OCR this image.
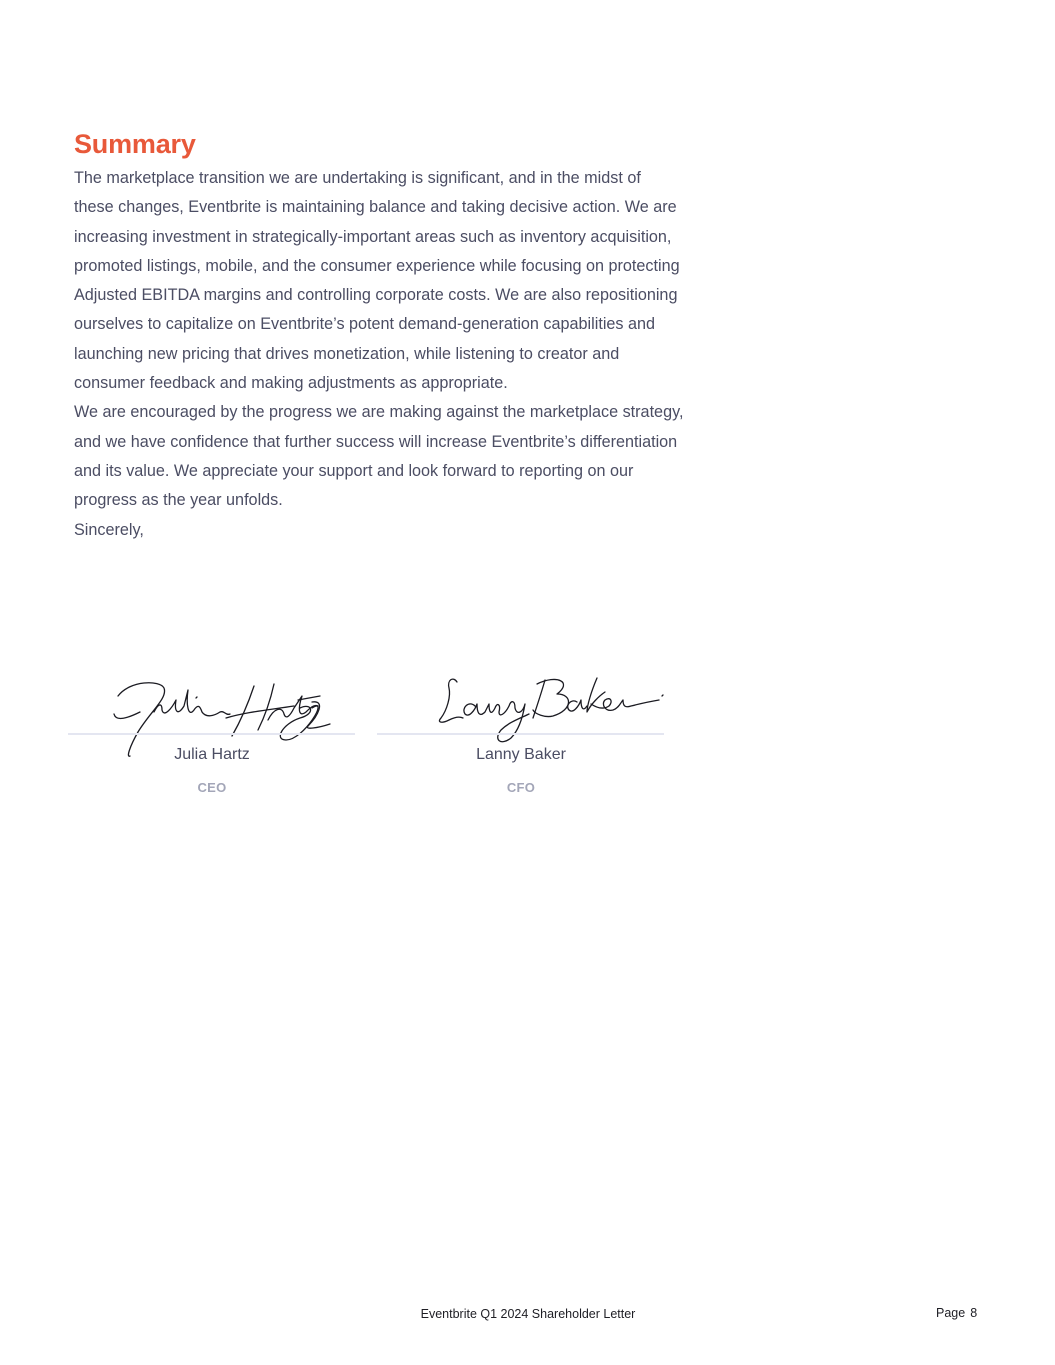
Summary

The marketplace transition we are undertaking is significant, and in the midst of these changes, Eventbrite is maintaining balance and taking decisive action. We are increasing investment in strategically-important areas such as inventory acquisition, promoted listings, mobile, and the consumer experience while focusing on protecting Adjusted EBITDA margins and controlling corporate costs. We are also repositioning ourselves to capitalize on Eventbrite’s potent demand-generation capabilities and launching new pricing that drives monetization, while listening to creator and consumer feedback and making adjustments as appropriate.

We are encouraged by the progress we are making against the marketplace strategy, and we have confidence that further success will increase Eventbrite’s differentiation and its value. We appreciate your support and look forward to reporting on our progress as the year unfolds.

Sincerely,

Julia Hartz
CEO
Lanny Baker
CFO
Eventbrite Q1 2024 Shareholder Letter	Page 8
